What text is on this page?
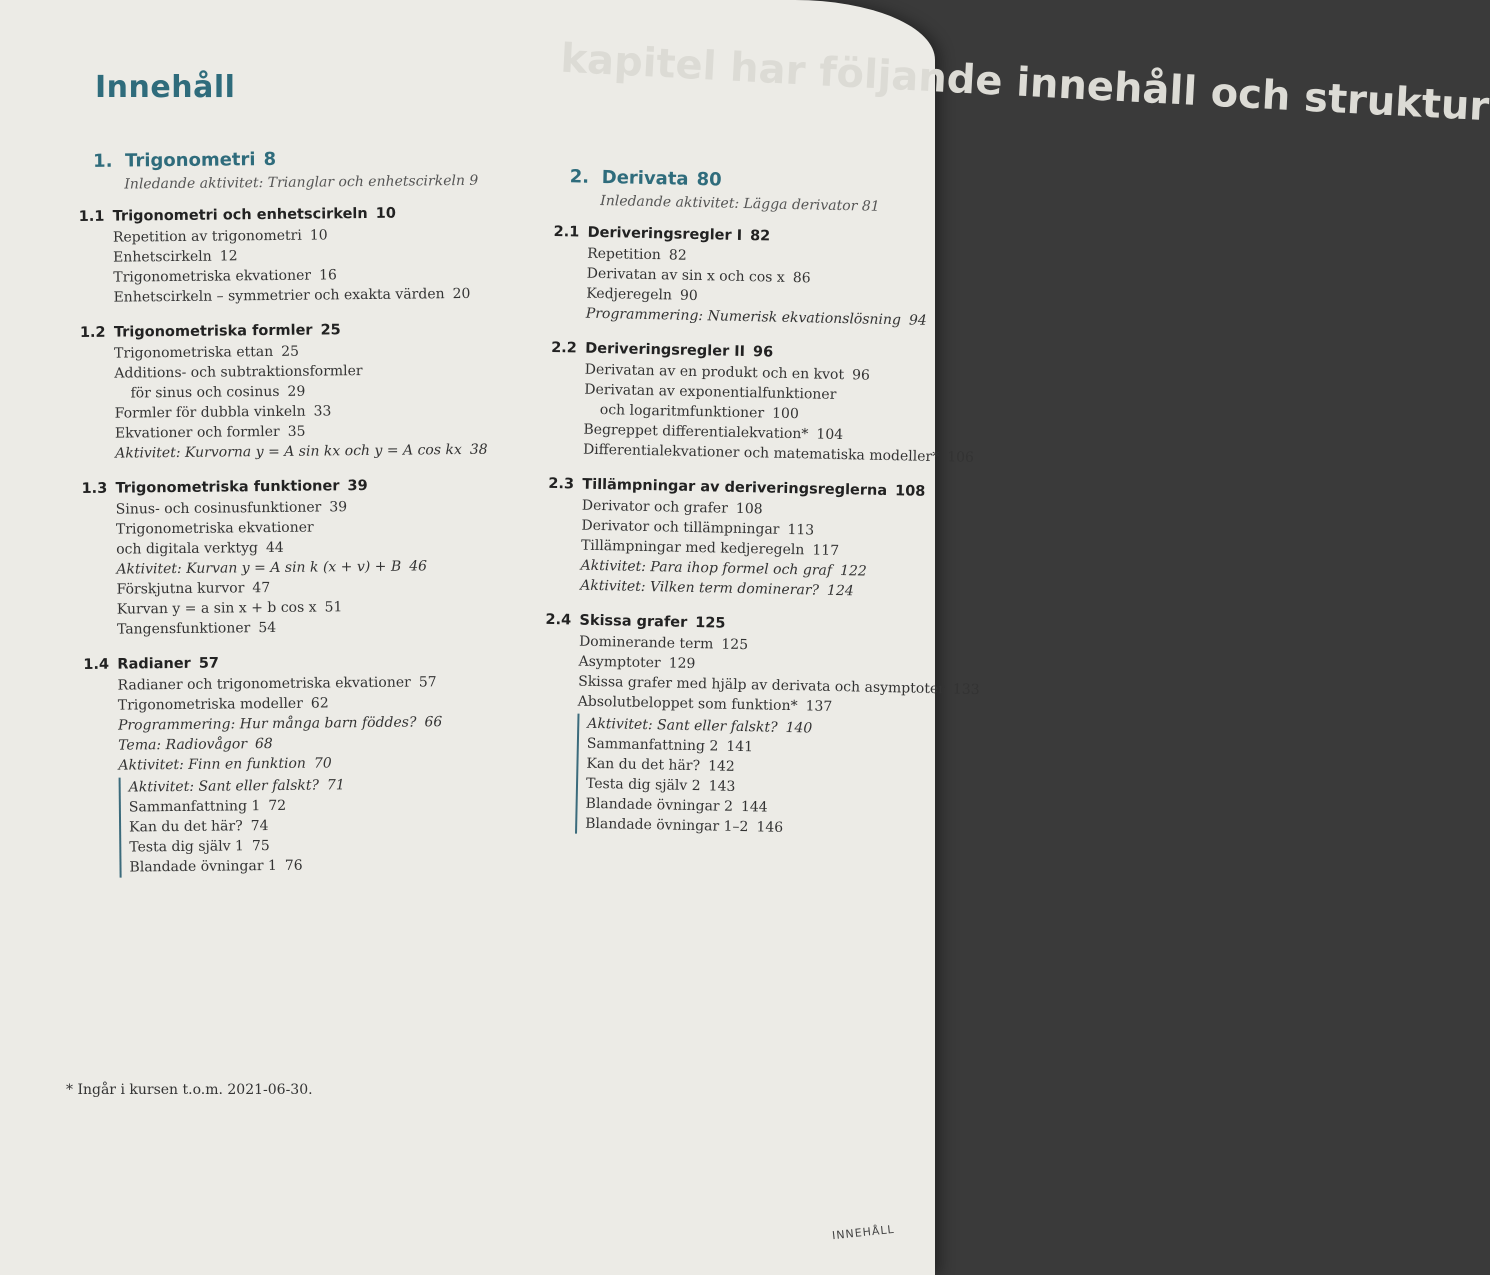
kapitel har följande innehåll och struktur
Innehåll
1. Trigonometri 8
Inledande aktivitet: Trianglar och enhetscirkeln 9
1.1 Trigonometri och enhetscirkeln 10
Repetition av trigonometri 10
Enhetscirkeln 12
Trigonometriska ekvationer 16
Enhetscirkeln – symmetrier och exakta värden 20
1.2 Trigonometriska formler 25
Trigonometriska ettan 25
Additions- och subtraktionsformler
för sinus och cosinus 29
Formler för dubbla vinkeln 33
Ekvationer och formler 35
Aktivitet: Kurvorna y = A sin kx och y = A cos kx 38
1.3 Trigonometriska funktioner 39
Sinus- och cosinusfunktioner 39
Trigonometriska ekvationer
och digitala verktyg 44
Aktivitet: Kurvan y = A sin k (x + v) + B 46
Förskjutna kurvor 47
Kurvan y = a sin x + b cos x 51
Tangensfunktioner 54
1.4 Radianer 57
Radianer och trigonometriska ekvationer 57
Trigonometriska modeller 62
Programmering: Hur många barn föddes? 66
Tema: Radiovågor 68
Aktivitet: Finn en funktion 70
Aktivitet: Sant eller falskt? 71
Sammanfattning 1 72
Kan du det här? 74
Testa dig själv 1 75
Blandade övningar 1 76
2. Derivata 80
Inledande aktivitet: Lägga derivator 81
2.1 Deriveringsregler I 82
Repetition 82
Derivatan av sin x och cos x 86
Kedjeregeln 90
Programmering: Numerisk ekvationslösning 94
2.2 Deriveringsregler II 96
Derivatan av en produkt och en kvot 96
Derivatan av exponentialfunktioner
och logaritmfunktioner 100
Begreppet differentialekvation* 104
Differentialekvationer och matematiska modeller* 106
2.3 Tillämpningar av deriveringsreglerna 108
Derivator och grafer 108
Derivator och tillämpningar 113
Tillämpningar med kedjeregeln 117
Aktivitet: Para ihop formel och graf 122
Aktivitet: Vilken term dominerar? 124
2.4 Skissa grafer 125
Dominerande term 125
Asymptoter 129
Skissa grafer med hjälp av derivata och asymptoter 133
Absolutbeloppet som funktion* 137
Aktivitet: Sant eller falskt? 140
Sammanfattning 2 141
Kan du det här? 142
Testa dig själv 2 143
Blandade övningar 2 144
Blandade övningar 1–2 146
* Ingår i kursen t.o.m. 2021-06-30.
INNEHÅLL
